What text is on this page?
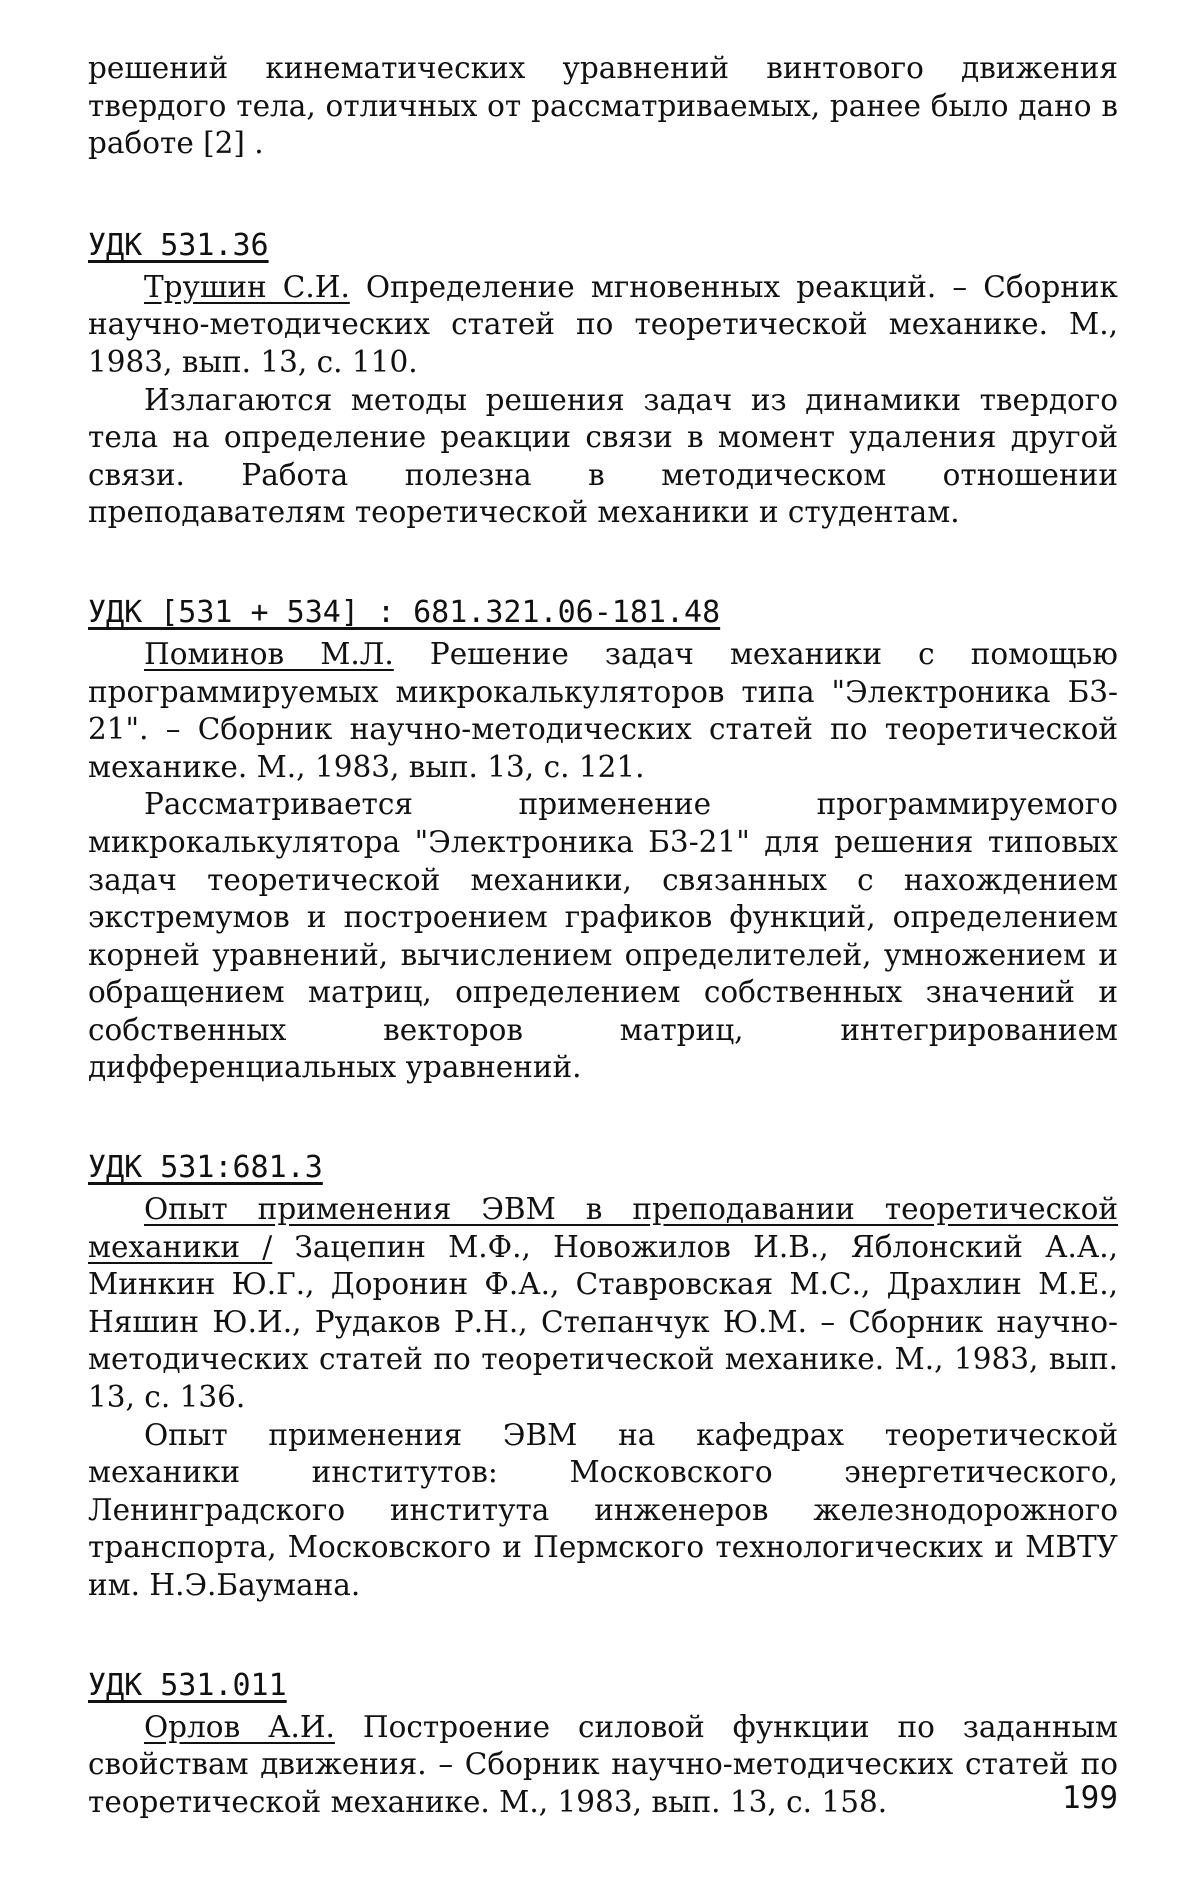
решений кинематических уравнений винтового движения твердого тела, отличных от рассматриваемых, ранее было дано в работе [2] .

УДК 531.36

Трушин С.И. Определение мгновенных реакций. – Сборник научно-методических статей по теоретической механике. М., 1983, вып. 13, с. 110.

Излагаются методы решения задач из динамики твердого тела на определение реакции связи в момент удаления другой связи. Работа полезна в методическом отношении преподавателям теоретической механики и студентам.

УДК [531 + 534] : 681.321.06-181.48

Поминов М.Л. Решение задач механики с помощью программируемых микрокалькуляторов типа "Электроника Б3-21". – Сборник научно-методических статей по теоретической механике. М., 1983, вып. 13, с. 121.

Рассматривается применение программируемого микрокалькулятора "Электроника Б3-21" для решения типовых задач теоретической механики, связанных с нахождением экстремумов и построением графиков функций, определением корней уравнений, вычислением определителей, умножением и обращением матриц, определением собственных значений и собственных векторов матриц, интегрированием дифференциальных уравнений.

УДК 531:681.3

Опыт применения ЭВМ в преподавании теоретической механики / Зацепин М.Ф., Новожилов И.В., Яблонский А.А., Минкин Ю.Г., Доронин Ф.А., Ставровская М.С., Драхлин М.Е., Няшин Ю.И., Рудаков Р.Н., Степанчук Ю.М. – Сборник научно-методических статей по теоретической механике. М., 1983, вып. 13, с. 136.

Опыт применения ЭВМ на кафедрах теоретической механики институтов: Московского энергетического, Ленинградского института инженеров железнодорожного транспорта, Московского и Пермского технологических и МВТУ им. Н.Э.Баумана.

УДК 531.011

Орлов А.И. Построение силовой функции по заданным свойствам движения. – Сборник научно-методических статей по теоретической механике. М., 1983, вып. 13, с. 158.	199
